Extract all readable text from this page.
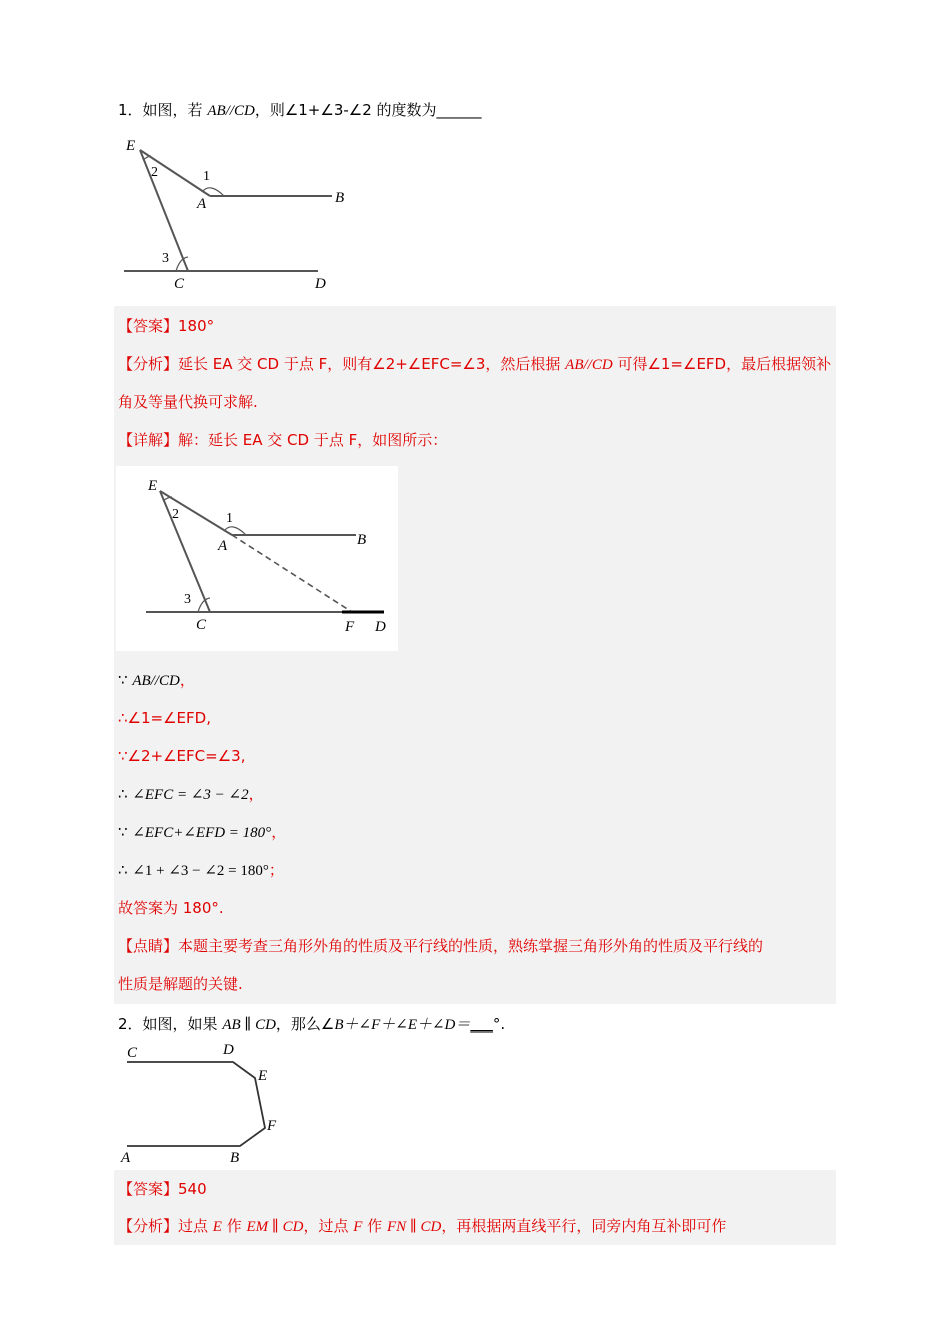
1．如图，若 AB//CD，则∠1+∠3-∠2 的度数为______
E
A	B
C	D
1
2
3
【答案】180°
【分析】延长 EA 交 CD 于点 F，则有∠2+∠EFC=∠3，然后根据 AB//CD 可得∠1=∠EFD，最后根据领补
角及等量代换可求解.
【详解】解：延长 EA 交 CD 于点 F，如图所示：
E
A	B
C	F D
1
2
3
∵ AB//CD，
∴∠1=∠EFD,
∵∠2+∠EFC=∠3,
∴ ∠EFC = ∠3 − ∠2，
∵ ∠EFC+∠EFD = 180°，
∴ ∠1 + ∠3 − ∠2 = 180°；
故答案为 180°.
【点睛】本题主要考查三角形外角的性质及平行线的性质，熟练掌握三角形外角的性质及平行线的
性质是解题的关键.
2．如图，如果 AB ∥ CD，那么∠B＋∠F＋∠E＋∠D＝___°.
C	D
E
F
A	B
【答案】540
【分析】过点 E 作 EM ∥ CD，过点 F 作 FN ∥ CD，再根据两直线平行，同旁内角互补即可作
